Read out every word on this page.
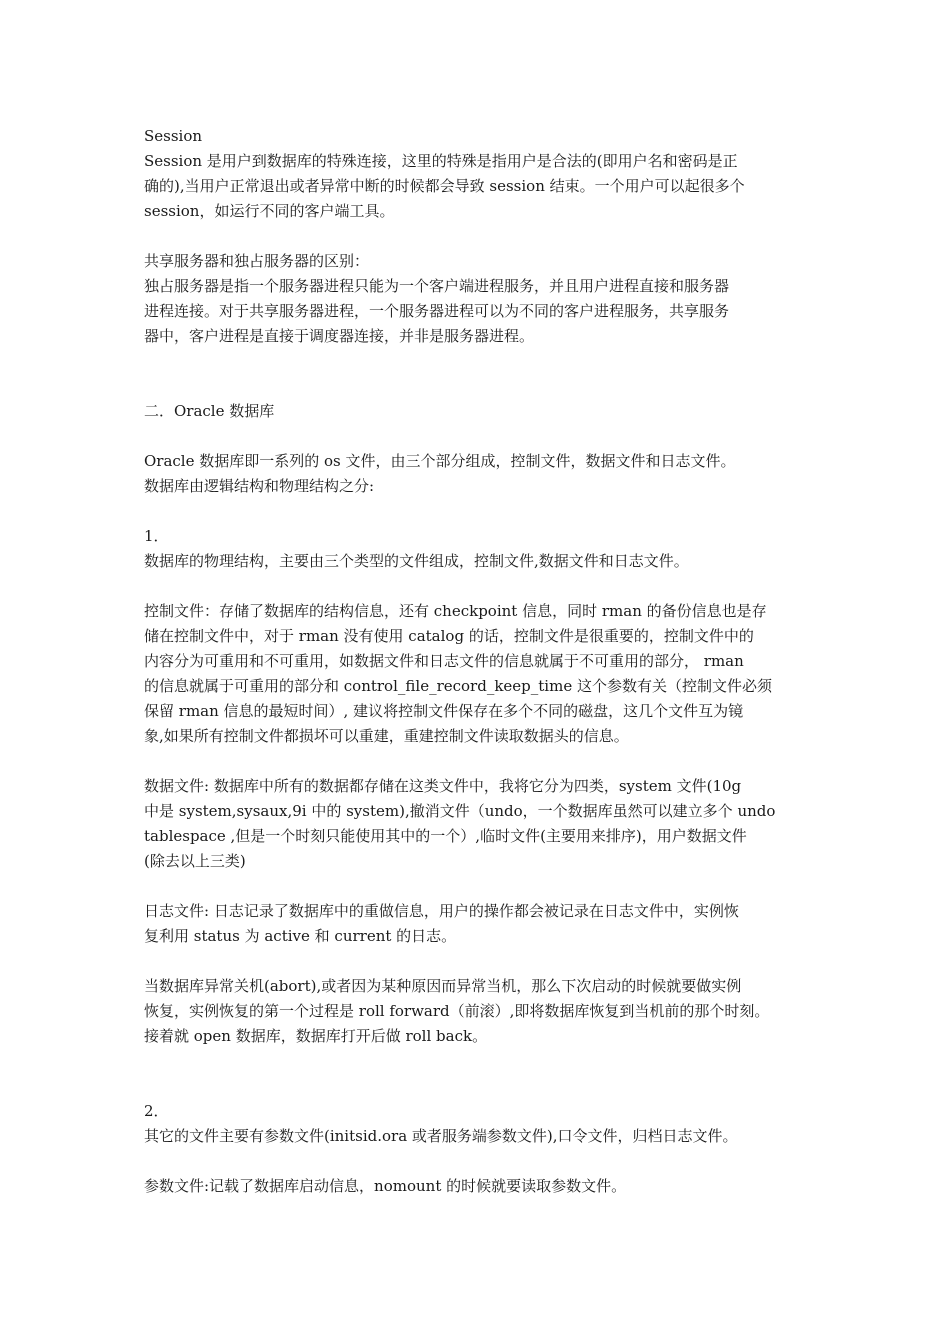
Session
Session 是用户到数据库的特殊连接，这里的特殊是指用户是合法的(即用户名和密码是正
确的),当用户正常退出或者异常中断的时候都会导致 session 结束。一个用户可以起很多个
session，如运行不同的客户端工具。
共享服务器和独占服务器的区别：
独占服务器是指一个服务器进程只能为一个客户端进程服务，并且用户进程直接和服务器
进程连接。对于共享服务器进程，一个服务器进程可以为不同的客户进程服务，共享服务
器中，客户进程是直接于调度器连接，并非是服务器进程。
二．Oracle 数据库
Oracle 数据库即一系列的 os 文件，由三个部分组成，控制文件，数据文件和日志文件。
数据库由逻辑结构和物理结构之分:
1．
数据库的物理结构，主要由三个类型的文件组成，控制文件,数据文件和日志文件。
控制文件：存储了数据库的结构信息，还有 checkpoint 信息，同时 rman 的备份信息也是存
储在控制文件中，对于 rman 没有使用 catalog 的话，控制文件是很重要的，控制文件中的
内容分为可重用和不可重用，如数据文件和日志文件的信息就属于不可重用的部分， rman
的信息就属于可重用的部分和 control_file_record_keep_time 这个参数有关（控制文件必须
保留 rman 信息的最短时间）, 建议将控制文件保存在多个不同的磁盘，这几个文件互为镜
象,如果所有控制文件都损坏可以重建，重建控制文件读取数据头的信息。
数据文件: 数据库中所有的数据都存储在这类文件中，我将它分为四类，system 文件(10g
中是 system,sysaux,9i 中的 system),撤消文件（undo，一个数据库虽然可以建立多个 undo
tablespace ,但是一个时刻只能使用其中的一个）,临时文件(主要用来排序)，用户数据文件
(除去以上三类)
日志文件: 日志记录了数据库中的重做信息，用户的操作都会被记录在日志文件中，实例恢
复利用 status 为 active 和 current 的日志。
当数据库异常关机(abort),或者因为某种原因而异常当机，那么下次启动的时候就要做实例
恢复，实例恢复的第一个过程是 roll forward（前滚）,即将数据库恢复到当机前的那个时刻。
接着就 open 数据库，数据库打开后做 roll back。
2．
其它的文件主要有参数文件(initsid.ora 或者服务端参数文件),口令文件，归档日志文件。
参数文件:记载了数据库启动信息，nomount 的时候就要读取参数文件。
